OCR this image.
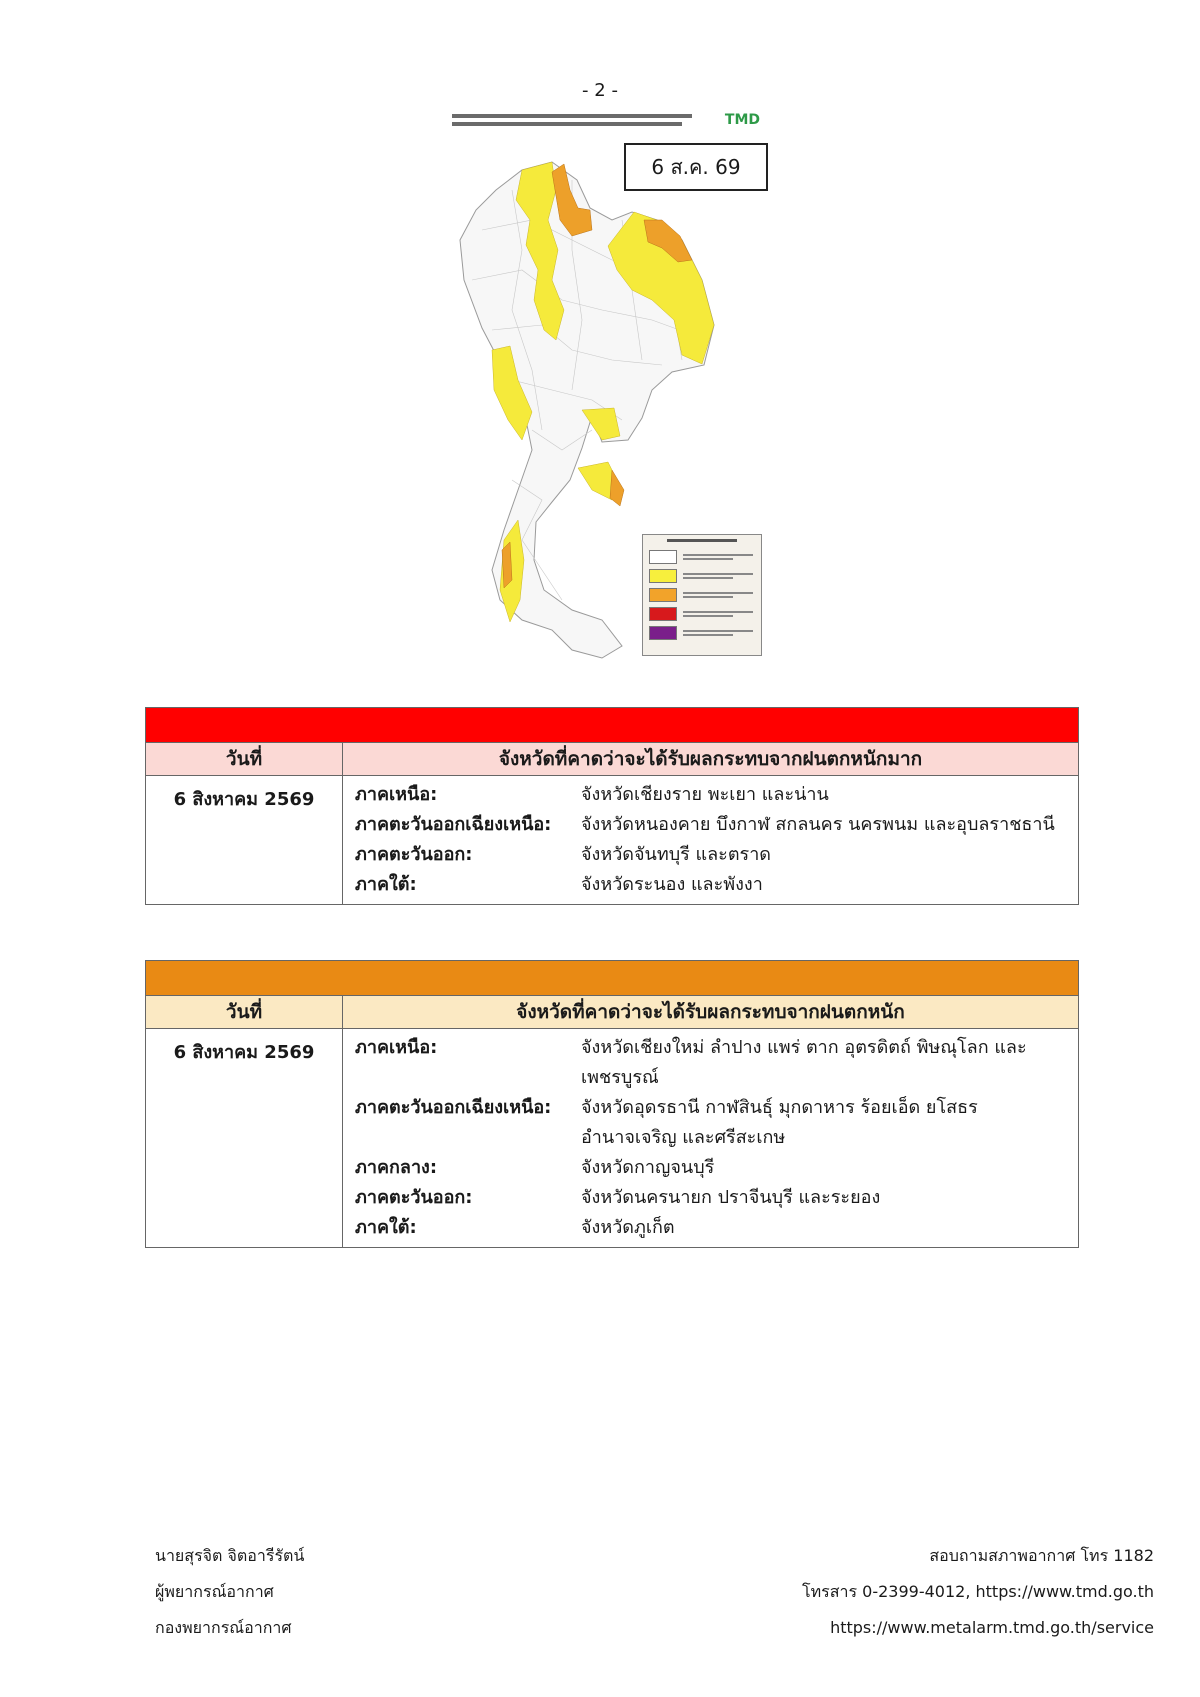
- 2 -
TMD
6 ส.ค. 69
วันที่	จังหวัดที่คาดว่าจะได้รับผลกระทบจากฝนตกหนักมาก
6 สิงหาคม 2569	ภาคเหนือ:	จังหวัดเชียงราย พะเยา และน่าน
ภาคตะวันออกเฉียงเหนือ:	จังหวัดหนองคาย บึงกาฬ สกลนคร นครพนม และอุบลราชธานี
ภาคตะวันออก:	จังหวัดจันทบุรี และตราด
ภาคใต้:	จังหวัดระนอง และพังงา
วันที่	จังหวัดที่คาดว่าจะได้รับผลกระทบจากฝนตกหนัก
6 สิงหาคม 2569	ภาคเหนือ:	จังหวัดเชียงใหม่ ลำปาง แพร่ ตาก อุตรดิตถ์ พิษณุโลก และเพชรบูรณ์
ภาคตะวันออกเฉียงเหนือ:	จังหวัดอุดรธานี กาฬสินธุ์ มุกดาหาร ร้อยเอ็ด ยโสธร อำนาจเจริญ และศรีสะเกษ
ภาคกลาง:	จังหวัดกาญจนบุรี
ภาคตะวันออก:	จังหวัดนครนายก ปราจีนบุรี และระยอง
ภาคใต้:	จังหวัดภูเก็ต
นายสุรจิต จิตอารีรัตน์
ผู้พยากรณ์อากาศ
กองพยากรณ์อากาศ
สอบถามสภาพอากาศ โทร 1182
โทรสาร 0-2399-4012, https://www.tmd.go.th
https://www.metalarm.tmd.go.th/service
